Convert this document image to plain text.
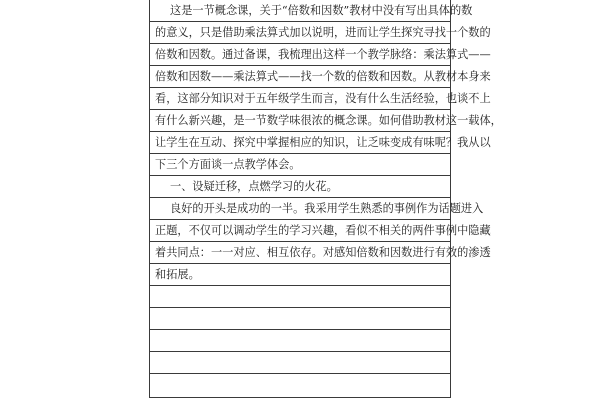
这是一节概念课，关于“倍数和因数”教材中没有写出具体的数
的意义，只是借助乘法算式加以说明，进而让学生探究寻找一个数的
倍数和因数。通过备课，我梳理出这样一个教学脉络：乘法算式——
倍数和因数——乘法算式——找一个数的倍数和因数。从教材本身来
看，这部分知识对于五年级学生而言，没有什么生活经验，也谈不上
有什么新兴趣，是一节数学味很浓的概念课。如何借助教材这一载体，
让学生在互动、探究中掌握相应的知识，让乏味变成有味呢？我从以
下三个方面谈一点教学体会。
一、设疑迁移，点燃学习的火花。
良好的开头是成功的一半。我采用学生熟悉的事例作为话题进入
正题，不仅可以调动学生的学习兴趣，看似不相关的两件事例中隐藏
着共同点：一一对应、相互依存。对感知倍数和因数进行有效的渗透
和拓展。
